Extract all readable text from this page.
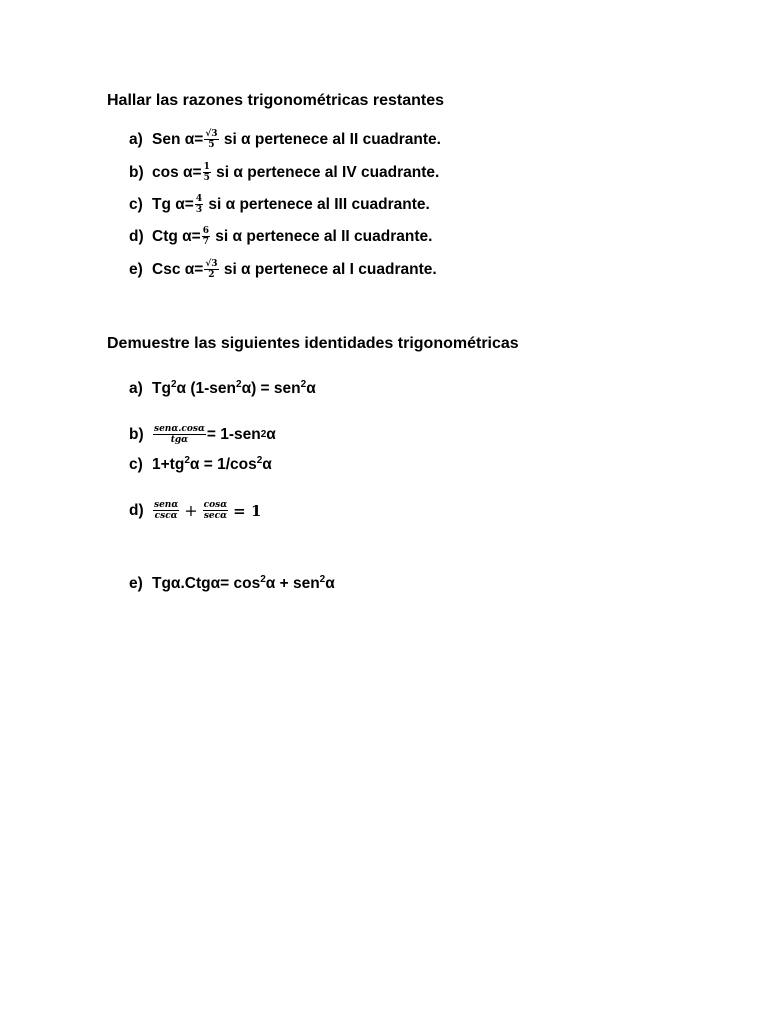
Hallar las razones trigonométricas restantes
a) Sen $\alpha= \frac{√3}{5}$ si α pertenece al II cuadrante.
b) $\cos \alpha= \frac{1}{5}$ si α pertenece al IV cuadrante.
c) Tg $\alpha= \frac{4}{3}$ si α pertenece al III cuadrante.
d) Ctg $\alpha= \frac{6}{7}$ si α pertenece al II cuadrante.
e) Csc $\alpha= \frac{√3}{2}$ si α pertenece al I cuadrante.
Demuestre las siguientes identidades trigonométricas
a) Tg$^2$α (1-sen$^2$α) = sen$^2$α
b)	$\frac{\text{senα.cosα}}{\text{tgα}} = 1-sen$ 2 α
c) $1+tg^2\alpha = 1/\cos^2\alpha$
d)	$\frac{\text{senα}}{\csc\alpha} + \frac{\cos\alpha}{\sec\alpha} = 1$
e) $Tg\alpha.Ctg\alpha= \cos^2\alpha + sen^2\alpha$
